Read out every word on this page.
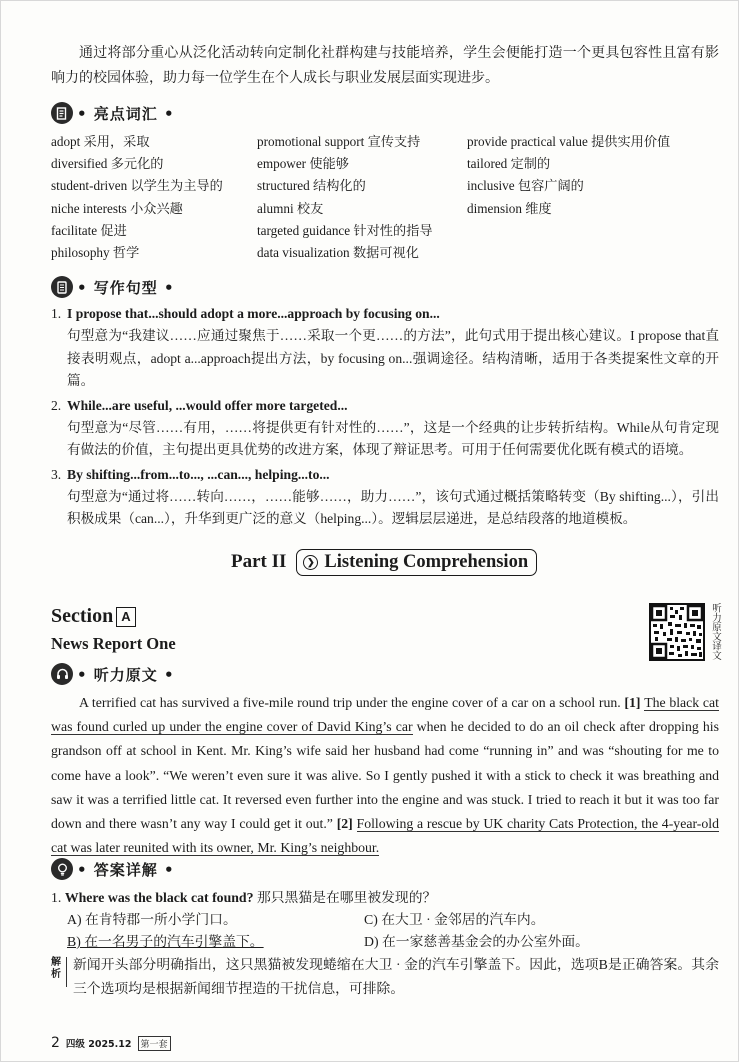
通过将部分重心从泛化活动转向定制化社群构建与技能培养，学生会便能打造一个更具包容性且富有影响力的校园体验，助力每一位学生在个人成长与职业发展层面实现进步。

• 亮点词汇 •
adopt 采用，采取	promotional support 宣传支持	provide practical value 提供实用价值
diversified 多元化的	empower 使能够	tailored 定制的
student-driven 以学生为主导的	structured 结构化的	inclusive 包容广阔的
niche interests 小众兴趣	alumni 校友	dimension 维度
facilitate 促进	targeted guidance 针对性的指导
philosophy 哲学	data visualization 数据可视化
• 写作句型 •
1. I propose that...should adopt a more...approach by focusing on...
句型意为“我建议……应通过聚焦于……采取一个更……的方法”，此句式用于提出核心建议。I propose that直接表明观点，adopt a...approach提出方法，by focusing on...强调途径。结构清晰，适用于各类提案性文章的开篇。
2. While...are useful, ...would offer more targeted...
句型意为“尽管……有用，……将提供更有针对性的……”，这是一个经典的让步转折结构。While从句肯定现有做法的价值，主句提出更具优势的改进方案，体现了辩证思考。可用于任何需要优化既有模式的语境。
3. By shifting...from...to..., ...can..., helping...to...
句型意为“通过将……转向……，……能够……，助力……”，该句式通过概括策略转变（By shifting...），引出积极成果（can...），升华到更广泛的意义（helping...）。逻辑层层递进，是总结段落的地道模板。
Part II	❯ Listening Comprehension
Section A
News Report One	听力原文译文
• 听力原文 •

A terrified cat has survived a five-mile round trip under the engine cover of a car on a school run. [1] The black cat was found curled up under the engine cover of David King’s car when he decided to do an oil check after dropping his grandson off at school in Kent. Mr. King’s wife said her husband had come “running in” and was “shouting for me to come have a look”. “We weren’t even sure it was alive. So I gently pushed it with a stick to check it was breathing and saw it was a terrified little cat. It reversed even further into the engine and was stuck. I tried to reach it but it was too far down and there wasn’t any way I could get it out.” [2] Following a rescue by UK charity Cats Protection, the 4-year-old cat was later reunited with its owner, Mr. King’s neighbour.

• 答案详解 •
1. Where was the black cat found? 那只黑猫是在哪里被发现的？
A) 在肯特郡一所小学门口。	C) 在大卫 · 金邻居的汽车内。
B) 在一名男子的汽车引擎盖下。	D) 在一家慈善基金会的办公室外面。
解析
新闻开头部分明确指出，这只黑猫被发现蜷缩在大卫 · 金的汽车引擎盖下。因此，选项B是正确答案。其余三个选项均是根据新闻细节捏造的干扰信息，可排除。
2 四级 2025.12	第一套
